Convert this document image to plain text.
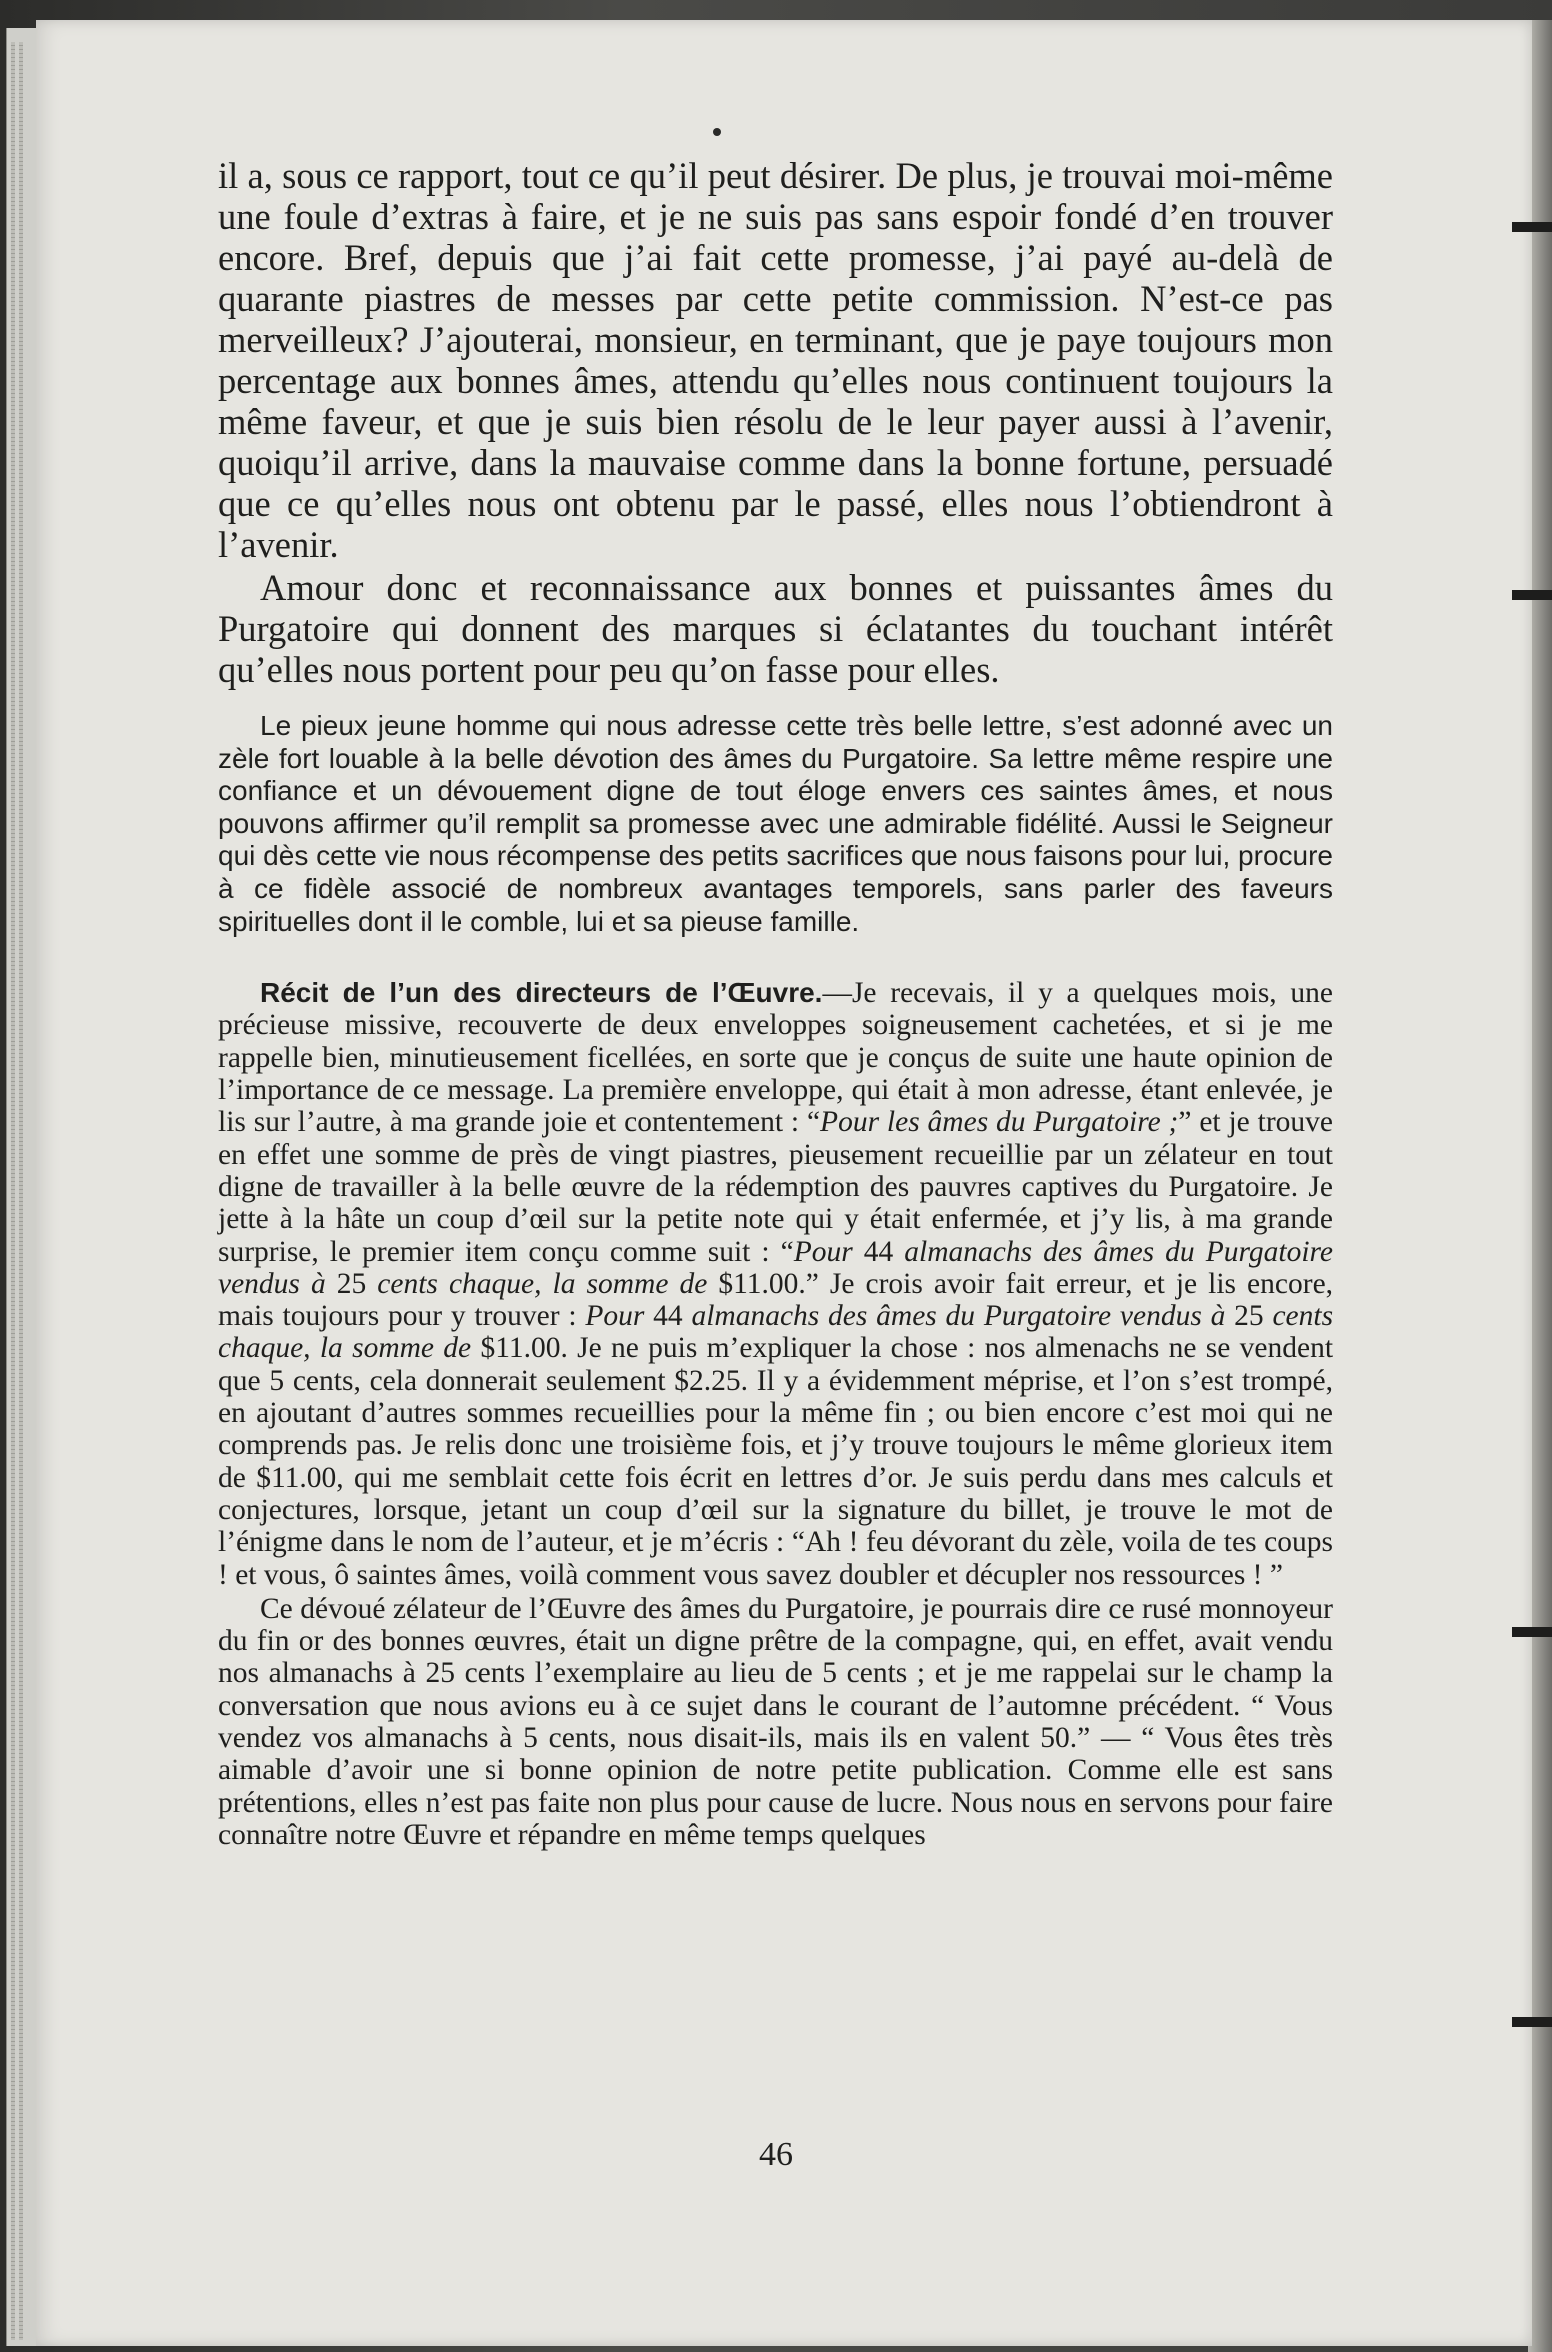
il a, sous ce rapport, tout ce qu’il peut désirer. De plus, je trouvai moi-même une foule d’extras à faire, et je ne suis pas sans espoir fondé d’en trouver encore. Bref, depuis que j’ai fait cette promesse, j’ai payé au-delà de quarante piastres de messes par cette petite commission. N’est-ce pas merveilleux? J’ajouterai, monsieur, en terminant, que je paye toujours mon percentage aux bonnes âmes, attendu qu’elles nous continuent toujours la même faveur, et que je suis bien résolu de le leur payer aussi à l’avenir, quoiqu’il arrive, dans la mauvaise comme dans la bonne fortune, persuadé que ce qu’elles nous ont obtenu par le passé, elles nous l’obtiendront à l’avenir.

Amour donc et reconnaissance aux bonnes et puissantes âmes du Purgatoire qui donnent des marques si éclatantes du touchant intérêt qu’elles nous portent pour peu qu’on fasse pour elles.

Le pieux jeune homme qui nous adresse cette très belle lettre, s’est adonné avec un zèle fort louable à la belle dévotion des âmes du Purgatoire. Sa lettre même respire une confiance et un dévouement digne de tout éloge envers ces saintes âmes, et nous pouvons affirmer qu’il remplit sa promesse avec une admirable fidélité. Aussi le Seigneur qui dès cette vie nous récompense des petits sacrifices que nous faisons pour lui, procure à ce fidèle associé de nombreux avantages temporels, sans parler des faveurs spirituelles dont il le comble, lui et sa pieuse famille.

Récit de l’un des directeurs de l’Œuvre.—Je recevais, il y a quelques mois, une précieuse missive, recouverte de deux enveloppes soigneusement cachetées, et si je me rappelle bien, minutieusement ficellées, en sorte que je conçus de suite une haute opinion de l’importance de ce message. La première enveloppe, qui était à mon adresse, étant enlevée, je lis sur l’autre, à ma grande joie et contentement : “Pour les âmes du Purgatoire ;” et je trouve en effet une somme de près de vingt piastres, pieusement recueillie par un zélateur en tout digne de travailler à la belle œuvre de la rédemption des pauvres captives du Purgatoire. Je jette à la hâte un coup d’œil sur la petite note qui y était enfermée, et j’y lis, à ma grande surprise, le premier item conçu comme suit : “Pour 44 almanachs des âmes du Purgatoire vendus à 25 cents chaque, la somme de $11.00.” Je crois avoir fait erreur, et je lis encore, mais toujours pour y trouver : Pour 44 almanachs des âmes du Purgatoire vendus à 25 cents chaque, la somme de $11.00. Je ne puis m’expliquer la chose : nos almenachs ne se vendent que 5 cents, cela donnerait seulement $2.25. Il y a évidemment méprise, et l’on s’est trompé, en ajoutant d’autres sommes recueillies pour la même fin ; ou bien encore c’est moi qui ne comprends pas. Je relis donc une troisième fois, et j’y trouve toujours le même glorieux item de $11.00, qui me semblait cette fois écrit en lettres d’or. Je suis perdu dans mes calculs et conjectures, lorsque, jetant un coup d’œil sur la signature du billet, je trouve le mot de l’énigme dans le nom de l’auteur, et je m’écris : “Ah ! feu dévorant du zèle, voila de tes coups ! et vous, ô saintes âmes, voilà comment vous savez doubler et décupler nos ressources ! ”

Ce dévoué zélateur de l’Œuvre des âmes du Purgatoire, je pourrais dire ce rusé monnoyeur du fin or des bonnes œuvres, était un digne prêtre de la compagne, qui, en effet, avait vendu nos almanachs à 25 cents l’exemplaire au lieu de 5 cents ; et je me rappelai sur le champ la conversation que nous avions eu à ce sujet dans le courant de l’automne précédent. “ Vous vendez vos almanachs à 5 cents, nous disait-ils, mais ils en valent 50.” — “ Vous êtes très aimable d’avoir une si bonne opinion de notre petite publication. Comme elle est sans prétentions, elles n’est pas faite non plus pour cause de lucre. Nous nous en servons pour faire connaître notre Œuvre et répandre en même temps quelques

46
